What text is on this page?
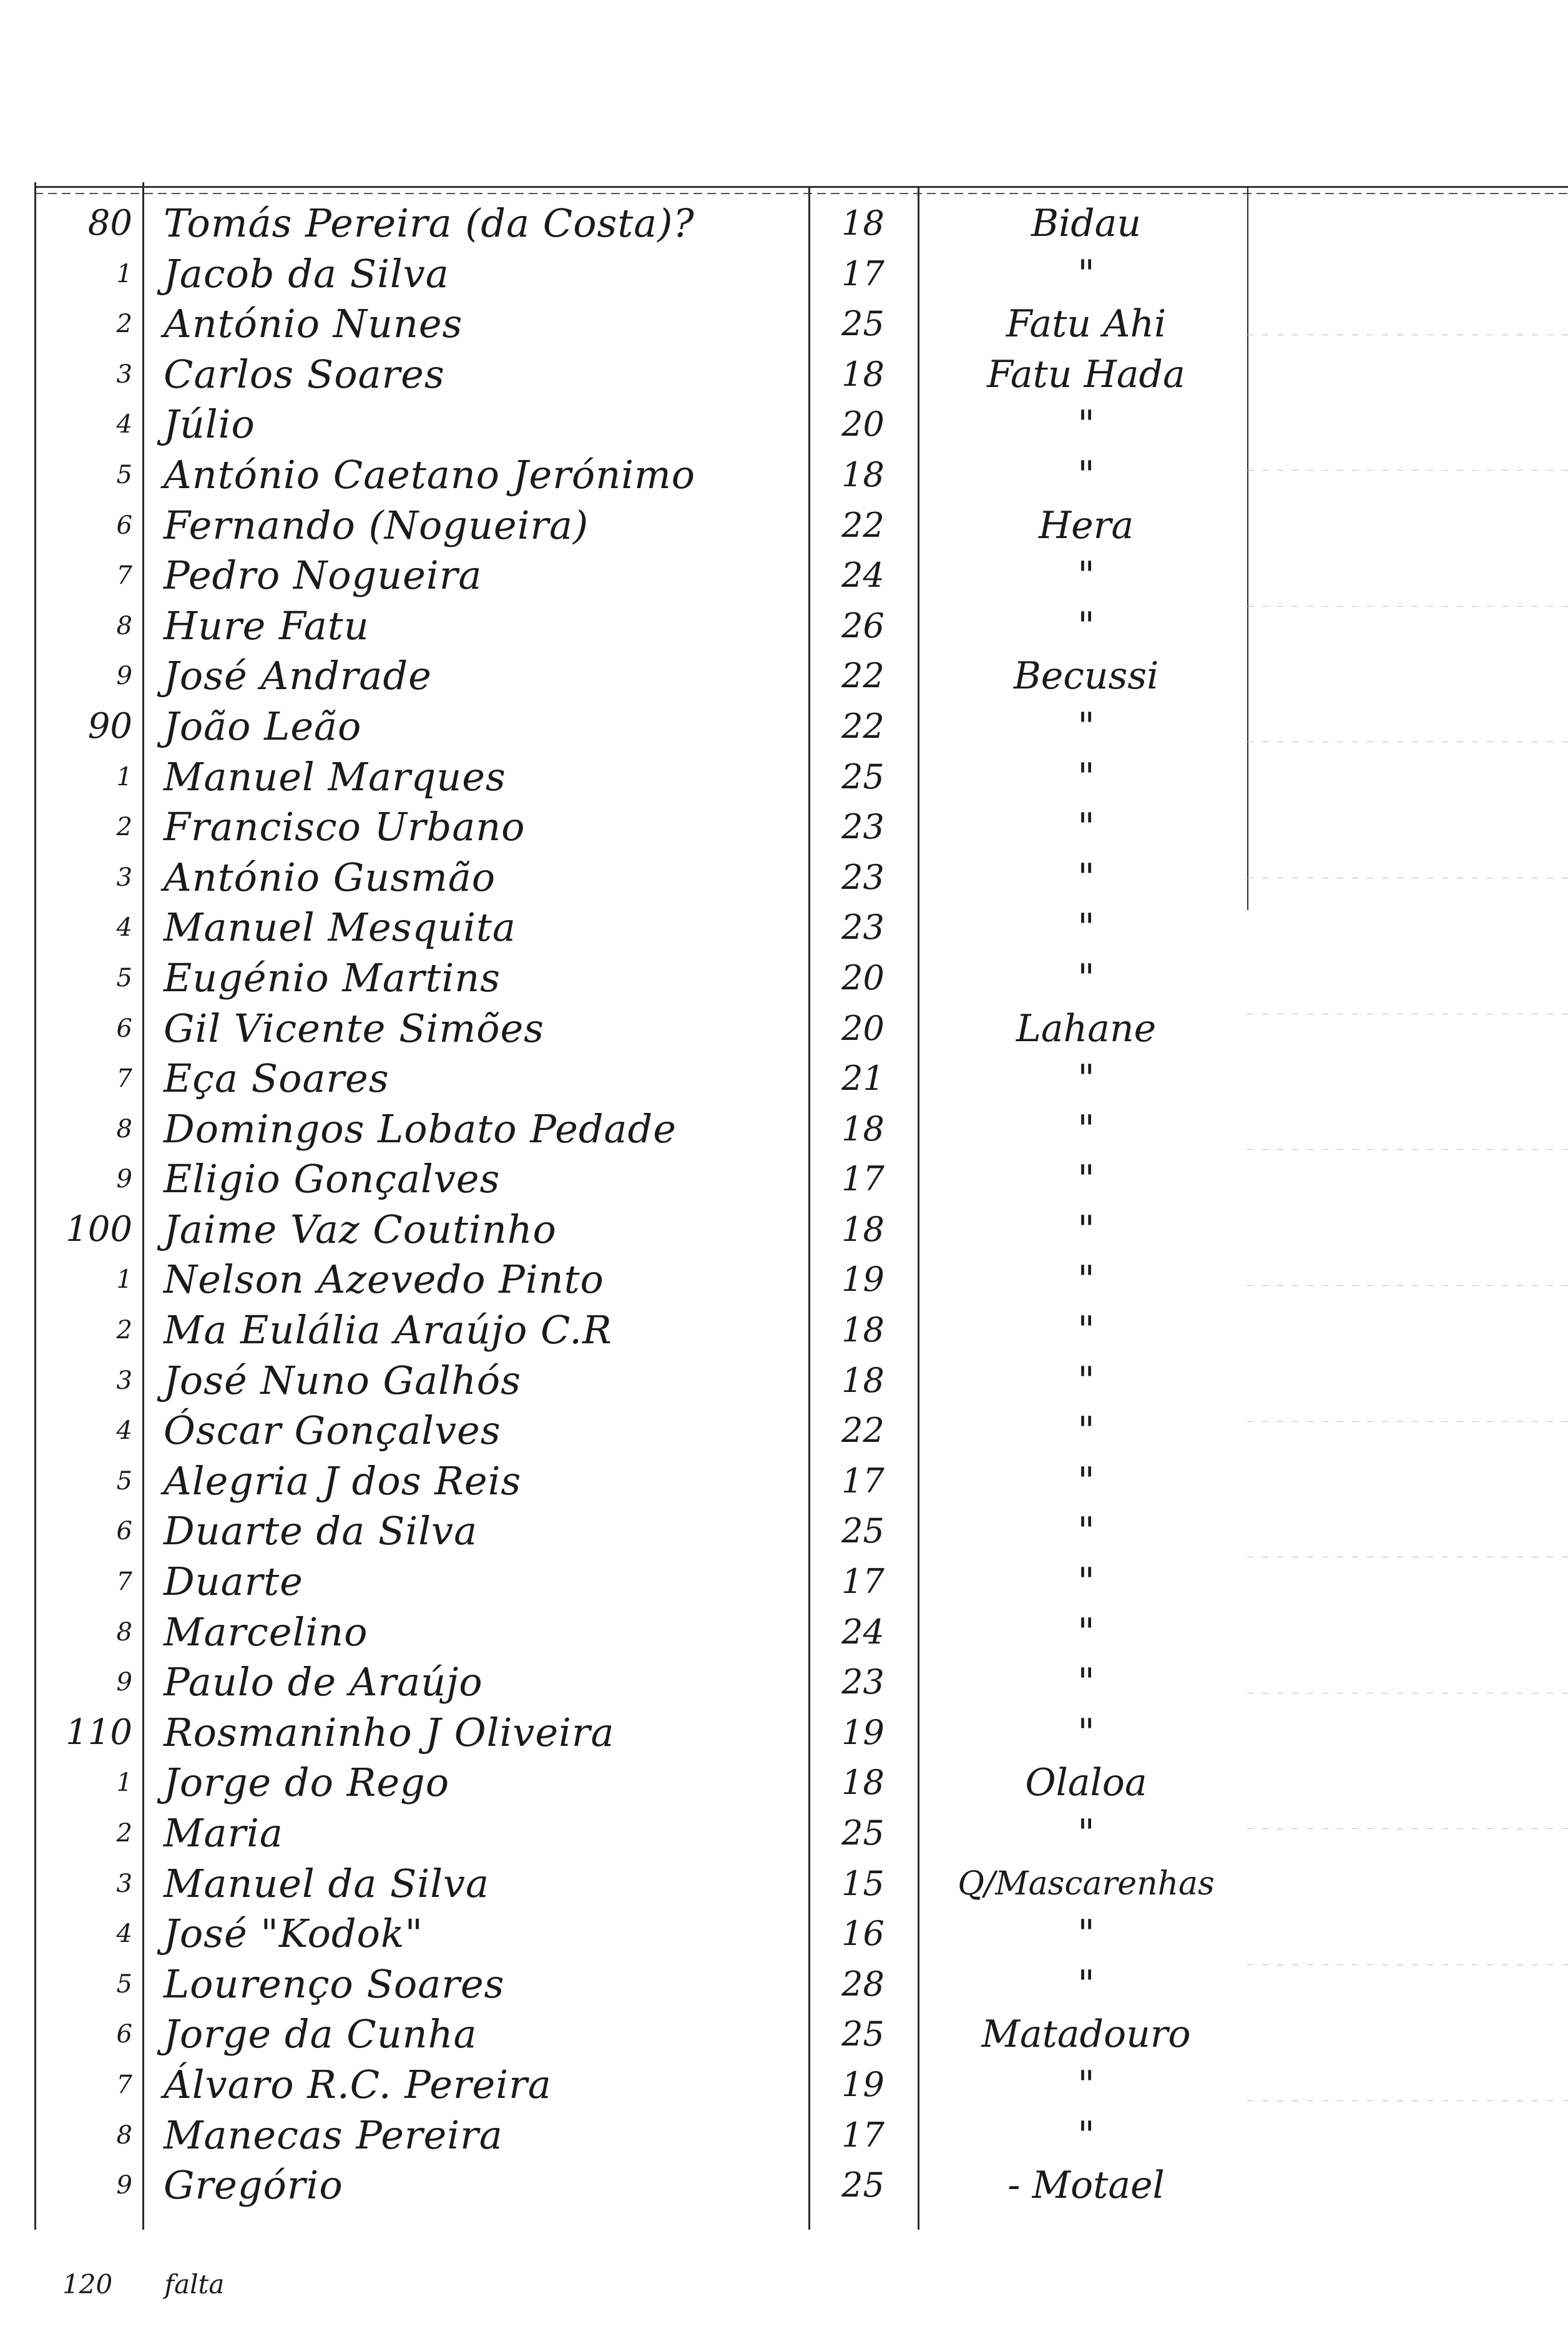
80 Tomás Pereira (da Costa)?	18	Bidau
1 Jacob da Silva	17	"
2 António Nunes	25	Fatu Ahi
3 Carlos Soares	18	Fatu Hada
4 Júlio	20	"
5 António Caetano Jerónimo	18	"
6 Fernando (Nogueira)	22	Hera
7 Pedro Nogueira	24	"
8 Hure Fatu	26	"
9 José Andrade	22	Becussi
90 João Leão	22	"
1 Manuel Marques	25	"
2 Francisco Urbano	23	"
3 António Gusmão	23	"
4 Manuel Mesquita	23	"
5 Eugénio Martins	20	"
6 Gil Vicente Simões	20	Lahane
7 Eça Soares	21	"
8 Domingos Lobato Pedade	18	"
9 Eligio Gonçalves	17	"
100 Jaime Vaz Coutinho	18	"
1 Nelson Azevedo Pinto	19	"
2 Ma Eulália Araújo C.R	18	"
3 José Nuno Galhós	18	"
4 Óscar Gonçalves	22	"
5 Alegria J dos Reis	17	"
6 Duarte da Silva	25	"
7 Duarte	17	"
8 Marcelino	24	"
9 Paulo de Araújo	23	"
110 Rosmaninho J Oliveira	19	"
1 Jorge do Rego	18	Olaloa
2 Maria	25	"
3 Manuel da Silva	15	Q/Mascarenhas
4 José "Kodok"	16	"
5 Lourenço Soares	28	"
6 Jorge da Cunha	25	Matadouro
7 Álvaro R.C. Pereira	19	"
8 Manecas Pereira	17	"
9 Gregório	25	- Motael
120 falta
